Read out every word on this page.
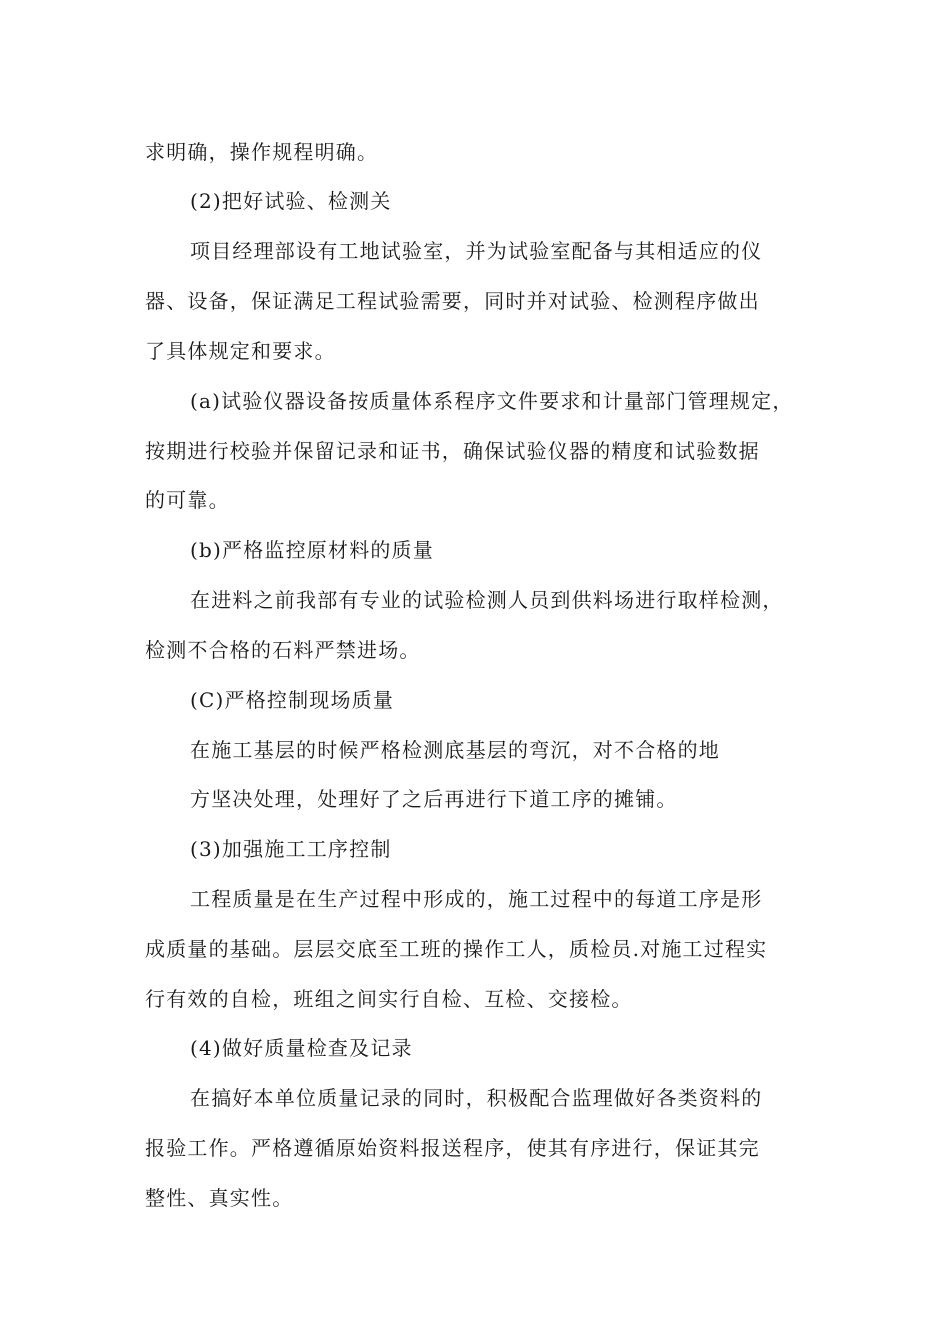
求明确，操作规程明确。
(2)把好试验、检测关
项目经理部设有工地试验室，并为试验室配备与其相适应的仪
器、设备，保证满足工程试验需要，同时并对试验、检测程序做出
了具体规定和要求。
(a)试验仪器设备按质量体系程序文件要求和计量部门管理规定，
按期进行校验并保留记录和证书，确保试验仪器的精度和试验数据
的可靠。
(b)严格监控原材料的质量
在进料之前我部有专业的试验检测人员到供料场进行取样检测，
检测不合格的石料严禁进场。
(C)严格控制现场质量
在施工基层的时候严格检测底基层的弯沉，对不合格的地
方坚决处理，处理好了之后再进行下道工序的摊铺。
(3)加强施工工序控制
工程质量是在生产过程中形成的，施工过程中的每道工序是形
成质量的基础。层层交底至工班的操作工人，质检员.对施工过程实
行有效的自检，班组之间实行自检、互检、交接检。
(4)做好质量检查及记录
在搞好本单位质量记录的同时，积极配合监理做好各类资料的
报验工作。严格遵循原始资料报送程序，使其有序进行，保证其完
整性、真实性。
